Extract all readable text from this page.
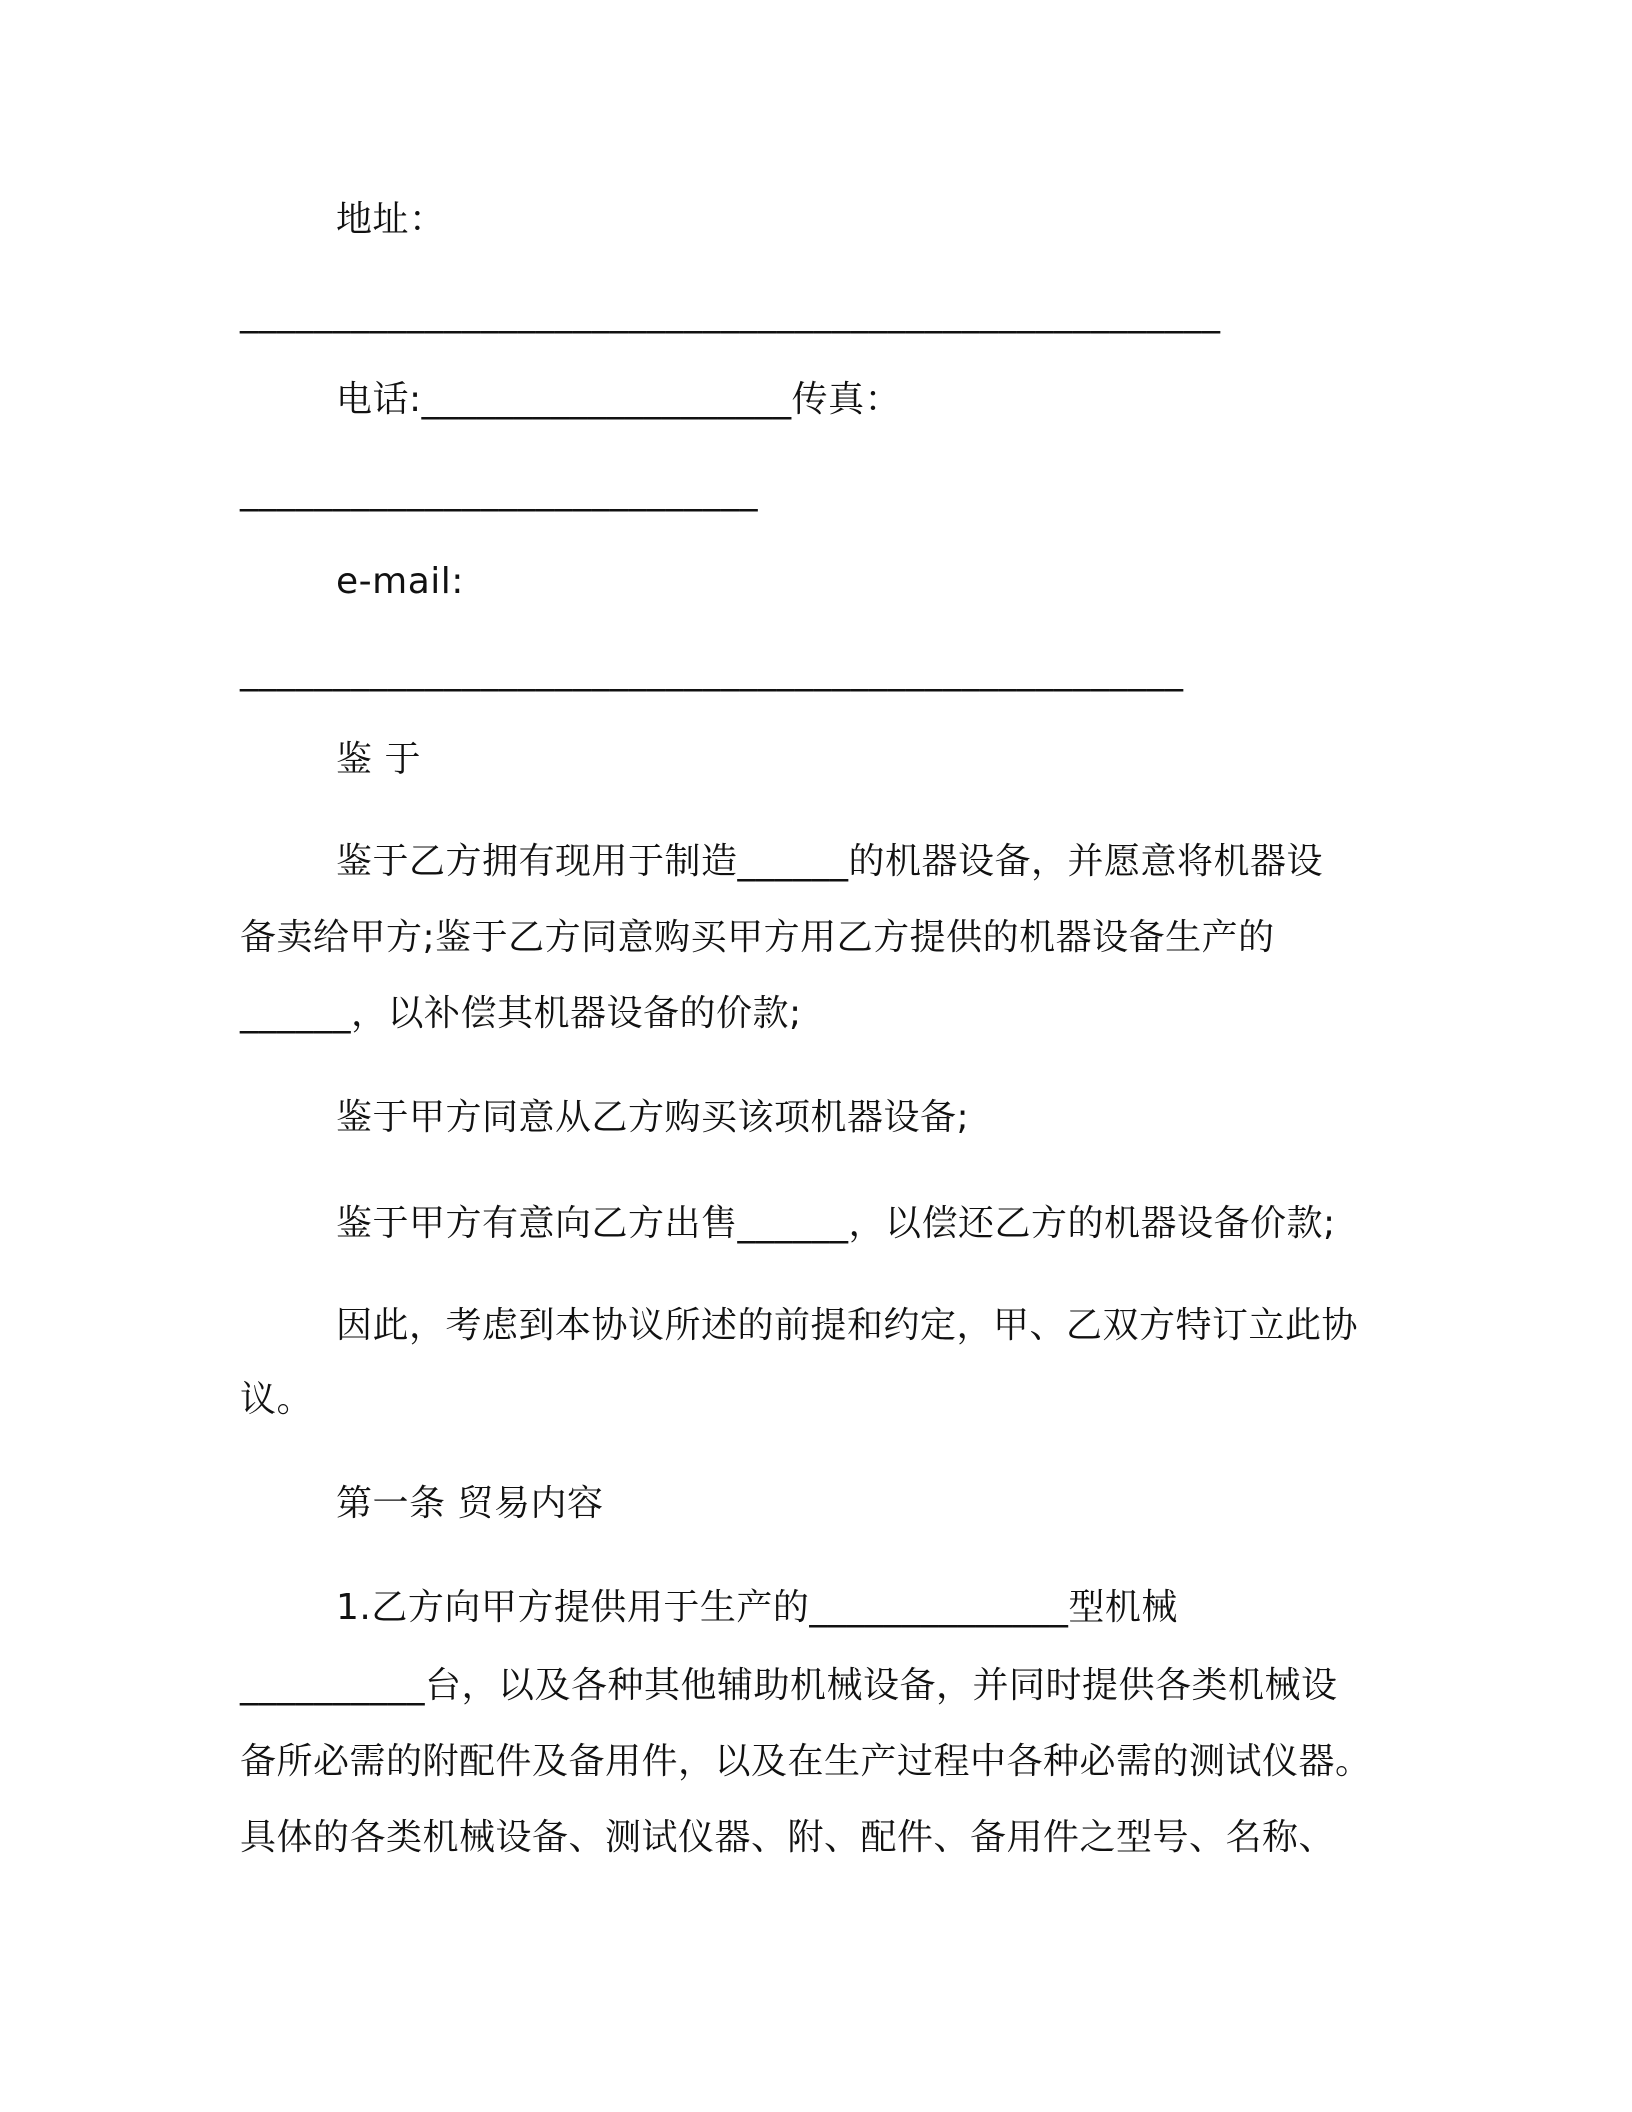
地址：
_____________________________________________________
电话:____________________传真：
____________________________
e-mail:
___________________________________________________
鉴 于
鉴于乙方拥有现用于制造______的机器设备，并愿意将机器设
备卖给甲方;鉴于乙方同意购买甲方用乙方提供的机器设备生产的
______，以补偿其机器设备的价款;
鉴于甲方同意从乙方购买该项机器设备;
鉴于甲方有意向乙方出售______，以偿还乙方的机器设备价款;
因此，考虑到本协议所述的前提和约定，甲、乙双方特订立此协
议。
第一条 贸易内容
1.乙方向甲方提供用于生产的______________型机械
__________台，以及各种其他辅助机械设备，并同时提供各类机械设
备所必需的附配件及备用件，以及在生产过程中各种必需的测试仪器。
具体的各类机械设备、测试仪器、附、配件、备用件之型号、名称、
